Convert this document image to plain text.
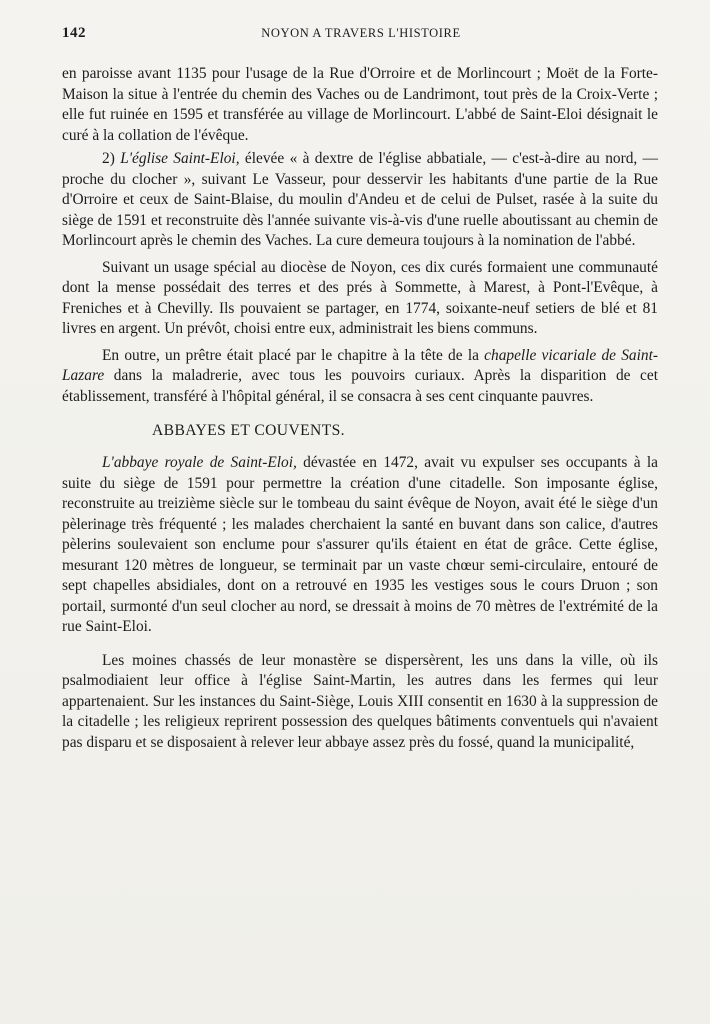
142	NOYON A TRAVERS L'HISTOIRE

en paroisse avant 1135 pour l'usage de la Rue d'Orroire et de Morlincourt ; Moët de la Forte-Maison la situe à l'entrée du chemin des Vaches ou de Landrimont, tout près de la Croix-Verte ; elle fut ruinée en 1595 et transférée au village de Morlincourt. L'abbé de Saint-Eloi désignait le curé à la collation de l'évêque.

2) L'église Saint-Eloi, élevée « à dextre de l'église abbatiale, — c'est-à-dire au nord, — proche du clocher », suivant Le Vasseur, pour desservir les habitants d'une partie de la Rue d'Orroire et ceux de Saint-Blaise, du moulin d'Andeu et de celui de Pulset, rasée à la suite du siège de 1591 et reconstruite dès l'année suivante vis-à-vis d'une ruelle aboutissant au chemin de Morlincourt après le chemin des Vaches. La cure demeura toujours à la nomination de l'abbé.

Suivant un usage spécial au diocèse de Noyon, ces dix curés formaient une communauté dont la mense possédait des terres et des prés à Sommette, à Marest, à Pont-l'Evêque, à Freniches et à Chevilly. Ils pouvaient se partager, en 1774, soixante-neuf setiers de blé et 81 livres en argent. Un prévôt, choisi entre eux, administrait les biens communs.

En outre, un prêtre était placé par le chapitre à la tête de la chapelle vicariale de Saint-Lazare dans la maladrerie, avec tous les pouvoirs curiaux. Après la disparition de cet établissement, transféré à l'hôpital général, il se consacra à ses cent cinquante pauvres.

ABBAYES ET COUVENTS.

L'abbaye royale de Saint-Eloi, dévastée en 1472, avait vu expulser ses occupants à la suite du siège de 1591 pour permettre la création d'une citadelle. Son imposante église, reconstruite au treizième siècle sur le tombeau du saint évêque de Noyon, avait été le siège d'un pèlerinage très fréquenté ; les malades cherchaient la santé en buvant dans son calice, d'autres pèlerins soulevaient son enclume pour s'assurer qu'ils étaient en état de grâce. Cette église, mesurant 120 mètres de longueur, se terminait par un vaste chœur semi-circulaire, entouré de sept chapelles absidiales, dont on a retrouvé en 1935 les vestiges sous le cours Druon ; son portail, surmonté d'un seul clocher au nord, se dressait à moins de 70 mètres de l'extrémité de la rue Saint-Eloi.

Les moines chassés de leur monastère se dispersèrent, les uns dans la ville, où ils psalmodiaient leur office à l'église Saint-Martin, les autres dans les fermes qui leur appartenaient. Sur les instances du Saint-Siège, Louis XIII consentit en 1630 à la suppression de la citadelle ; les religieux reprirent possession des quelques bâtiments conventuels qui n'avaient pas disparu et se disposaient à relever leur abbaye assez près du fossé, quand la municipalité,
